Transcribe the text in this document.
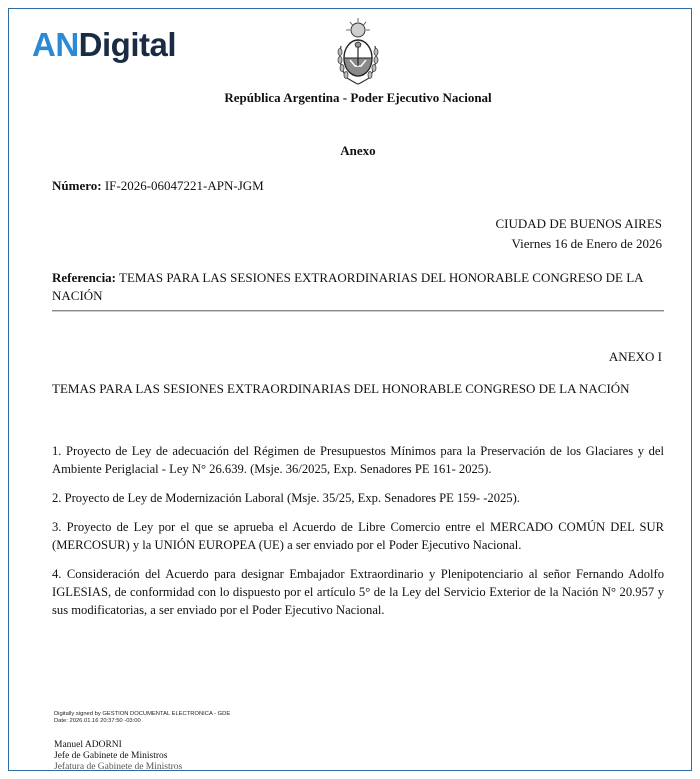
ANDigital
República Argentina - Poder Ejecutivo Nacional
Anexo
Número: IF-2026-06047221-APN-JGM
CIUDAD DE BUENOS AIRES
Viernes 16 de Enero de 2026
Referencia: TEMAS PARA LAS SESIONES EXTRAORDINARIAS DEL HONORABLE CONGRESO DE LA NACIÓN
ANEXO I
TEMAS PARA LAS SESIONES EXTRAORDINARIAS DEL HONORABLE CONGRESO DE LA NACIÓN

1. Proyecto de Ley de adecuación del Régimen de Presupuestos Mínimos para la Preservación de los Glaciares y del Ambiente Periglacial - Ley N° 26.639. (Msje. 36/2025, Exp. Senadores PE 161- 2025).

2. Proyecto de Ley de Modernización Laboral (Msje. 35/25, Exp. Senadores PE 159- -2025).

3. Proyecto de Ley por el que se aprueba el Acuerdo de Libre Comercio entre el MERCADO COMÚN DEL SUR (MERCOSUR) y la UNIÓN EUROPEA (UE) a ser enviado por el Poder Ejecutivo Nacional.

4. Consideración del Acuerdo para designar Embajador Extraordinario y Plenipotenciario al señor Fernando Adolfo IGLESIAS, de conformidad con lo dispuesto por el artículo 5° de la Ley del Servicio Exterior de la Nación N° 20.957 y sus modificatorias, a ser enviado por el Poder Ejecutivo Nacional.

Digitally signed by GESTION DOCUMENTAL ELECTRONICA - GDE
Date: 2026.01.16 20:37:50 -03:00
Manuel ADORNI
Jefe de Gabinete de Ministros
Jefatura de Gabinete de Ministros
